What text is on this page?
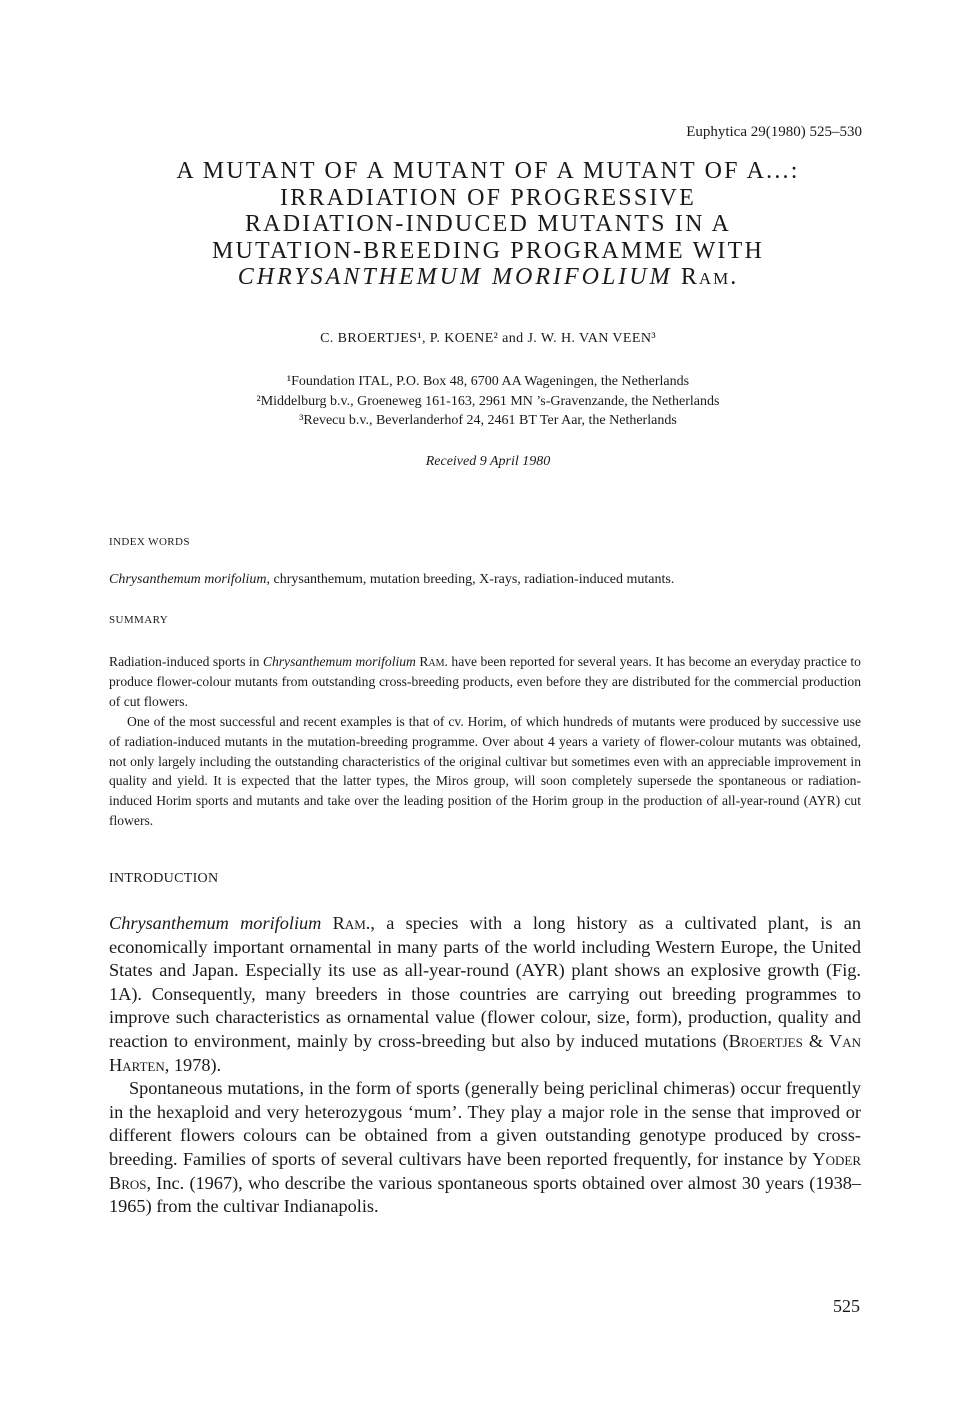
Euphytica 29(1980) 525–530
A MUTANT OF A MUTANT OF A MUTANT OF A...:
IRRADIATION OF PROGRESSIVE
RADIATION-INDUCED MUTANTS IN A
MUTATION-BREEDING PROGRAMME WITH
CHRYSANTHEMUM MORIFOLIUM Ram.
C. BROERTJES¹, P. KOENE² and J. W. H. VAN VEEN³
¹Foundation ITAL, P.O. Box 48, 6700 AA Wageningen, the Netherlands
²Middelburg b.v., Groeneweg 161-163, 2961 MN ’s-Gravenzande, the Netherlands
³Revecu b.v., Beverlanderhof 24, 2461 BT Ter Aar, the Netherlands
Received 9 April 1980
INDEX WORDS
Chrysanthemum morifolium, chrysanthemum, mutation breeding, X-rays, radiation-induced mutants.
SUMMARY

Radiation-induced sports in Chrysanthemum morifolium Ram. have been reported for several years. It has become an everyday practice to produce flower-colour mutants from outstanding cross-breeding products, even before they are distributed for the commercial production of cut flowers.

One of the most successful and recent examples is that of cv. Horim, of which hundreds of mutants were produced by successive use of radiation-induced mutants in the mutation-breeding programme. Over about 4 years a variety of flower-colour mutants was obtained, not only largely including the outstanding characteristics of the original cultivar but sometimes even with an appreciable improvement in quality and yield. It is expected that the latter types, the Miros group, will soon completely supersede the spontaneous or radiation-induced Horim sports and mutants and take over the leading position of the Horim group in the production of all-year-round (AYR) cut flowers.

INTRODUCTION

Chrysanthemum morifolium Ram., a species with a long history as a cultivated plant, is an economically important ornamental in many parts of the world including Western Europe, the United States and Japan. Especially its use as all-year-round (AYR) plant shows an explosive growth (Fig. 1A). Consequently, many breeders in those countries are carrying out breeding programmes to improve such characteristics as ornamental value (flower colour, size, form), production, quality and reaction to environment, mainly by cross-breeding but also by induced mutations (Broertjes & Van Harten, 1978).

Spontaneous mutations, in the form of sports (generally being periclinal chimeras) occur frequently in the hexaploid and very heterozygous ‘mum’. They play a major role in the sense that improved or different flowers colours can be obtained from a given outstanding genotype produced by cross-breeding. Families of sports of several cultivars have been reported frequently, for instance by Yoder Bros, Inc. (1967), who describe the various spontaneous sports obtained over almost 30 years (1938–1965) from the cultivar Indianapolis.

525
